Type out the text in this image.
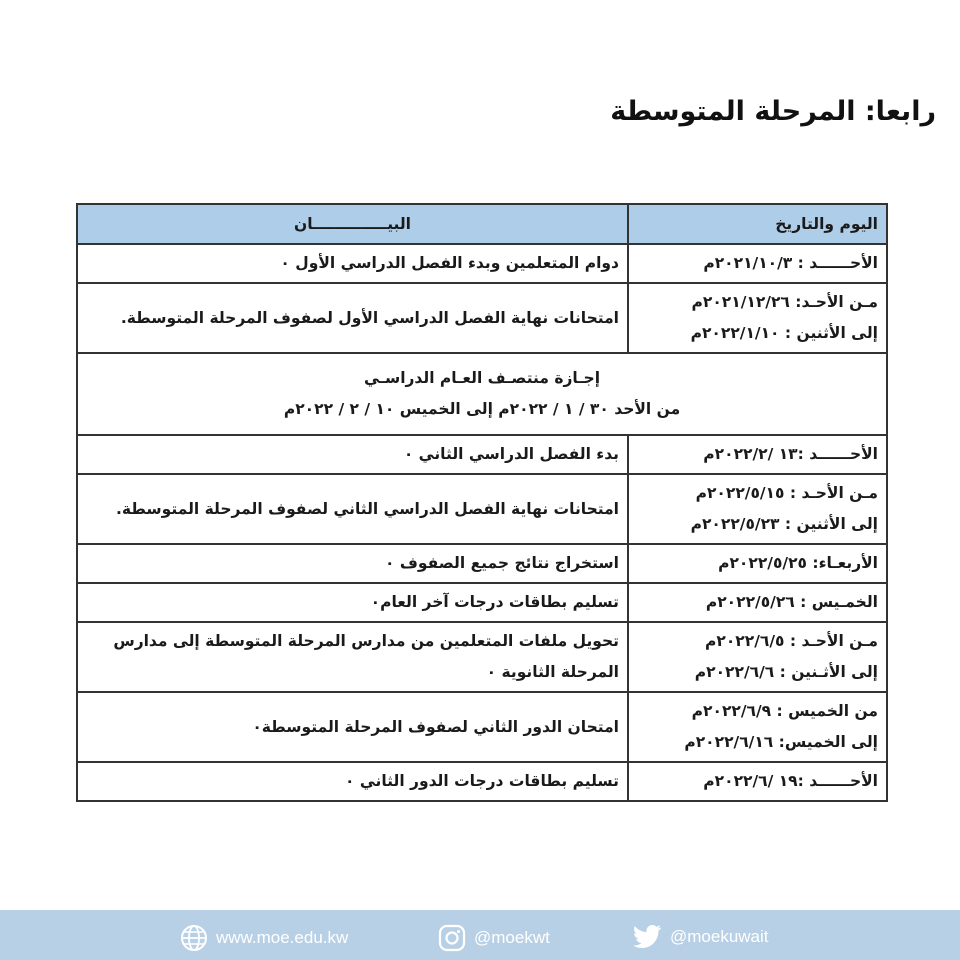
رابعا: المرحلة المتوسطة
اليوم والتاريخ	البيــــــــــــــان

الأحــــــد : ٢٠٢١/١٠/٣م	دوام المتعلمين وبدء الفصل الدراسي الأول ٠

مـن الأحـد: ٢٠٢١/١٢/٢٦م
إلى الأثنين : ٢٠٢٢/١/١٠م	امتحانات نهاية الفصل الدراسي الأول لصفوف المرحلة المتوسطة.

إجـازة منتصـف العـام الدراسـي
من الأحد ٣٠ / ١ / ٢٠٢٢م إلى الخميس ١٠ / ٢ / ٢٠٢٢م	

الأحــــــد :١٣ /٢٠٢٢/٢م	بدء الفصل الدراسي الثاني ٠

مـن الأحـد : ٢٠٢٢/٥/١٥م
إلى الأثنين : ٢٠٢٢/٥/٢٣م	امتحانات نهاية الفصل الدراسي الثاني لصفوف المرحلة المتوسطة.

الأربعـاء: ٢٠٢٢/٥/٢٥م	استخراج نتائج جميع الصفوف ٠

الخمـيس : ٢٠٢٢/٥/٢٦م	تسليم بطاقات درجات آخر العام٠

مـن الأحـد : ٢٠٢٢/٦/٥م
إلى الأثـنين : ٢٠٢٢/٦/٦م	تحويل ملفات المتعلمين من مدارس المرحلة المتوسطة إلى مدارس المرحلة الثانوية ٠

من الخميس : ٢٠٢٢/٦/٩م
إلى الخميس: ٢٠٢٢/٦/١٦م	امتحان الدور الثاني لصفوف المرحلة المتوسطة٠

الأحــــــد :١٩ /٢٠٢٢/٦م	تسليم بطاقات درجات الدور الثاني ٠
www.moe.edu.kw	@moekwt	@moekuwait
